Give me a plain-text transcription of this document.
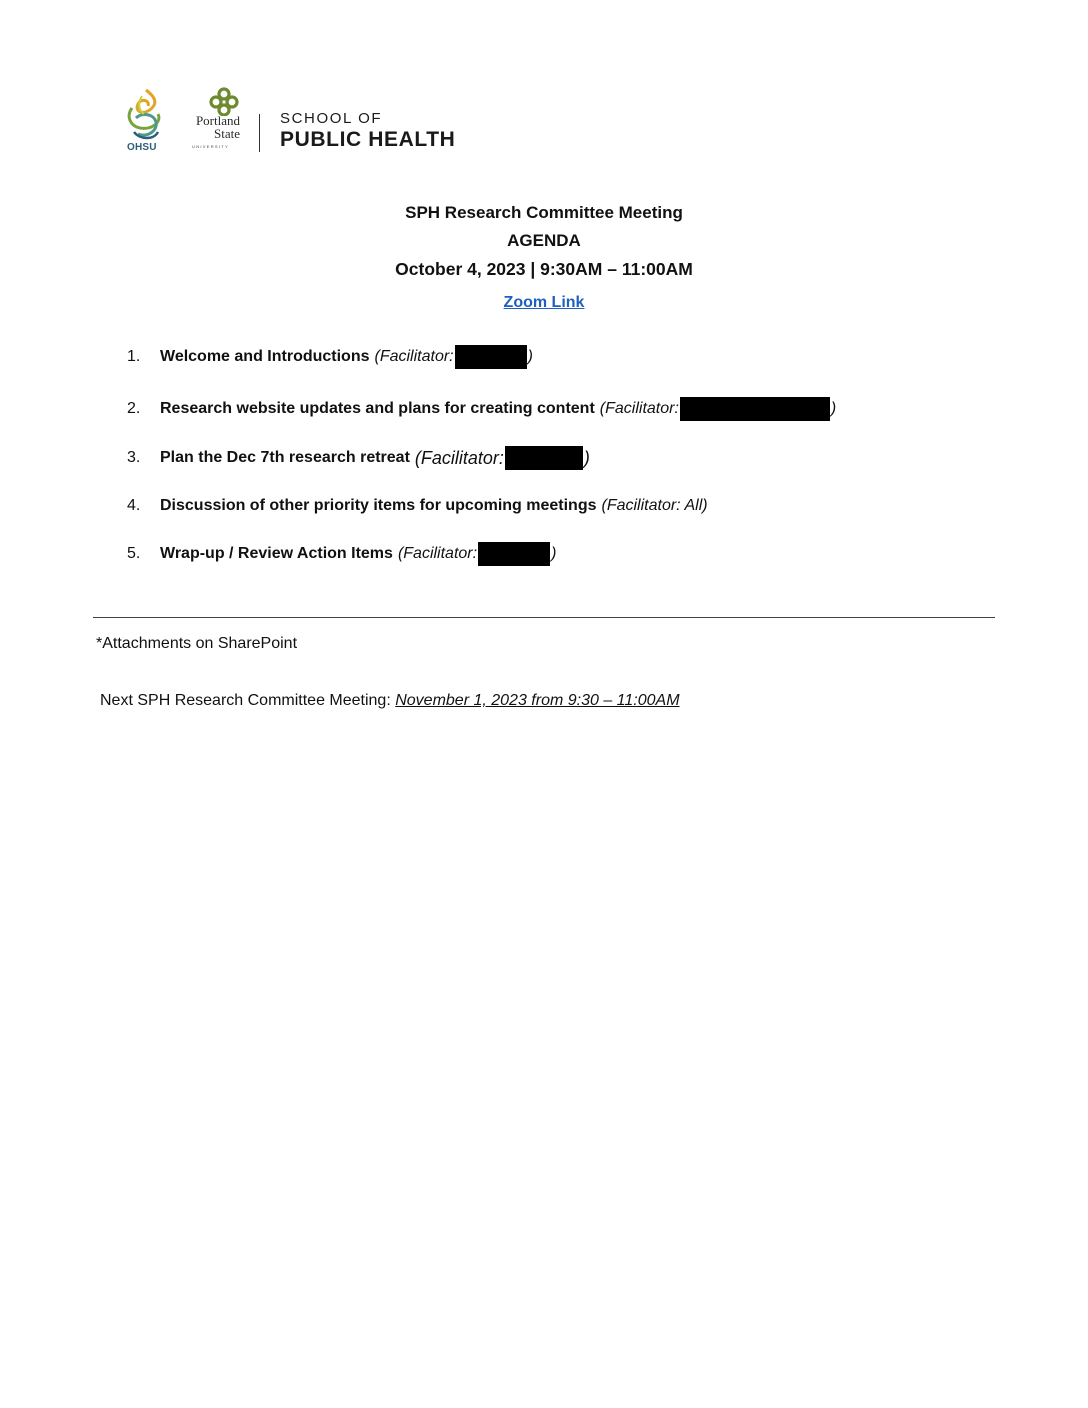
OHSU
Portland
State
UNIVERSITY
SCHOOL OF
PUBLIC HEALTH
SPH Research Committee Meeting
AGENDA
October 4, 2023 | 9:30AM – 11:00AM
Zoom Link
1.	Welcome and Introductions (Facilitator:	)
2.	Research website updates and plans for creating content (Facilitator:	)
3.	Plan the Dec 7th research retreat (Facilitator:	)
4.	Discussion of other priority items for upcoming meetings (Facilitator: All)
5.	Wrap-up / Review Action Items (Facilitator:	)
*Attachments on SharePoint
Next SPH Research Committee Meeting: November 1, 2023 from 9:30 – 11:00AM
